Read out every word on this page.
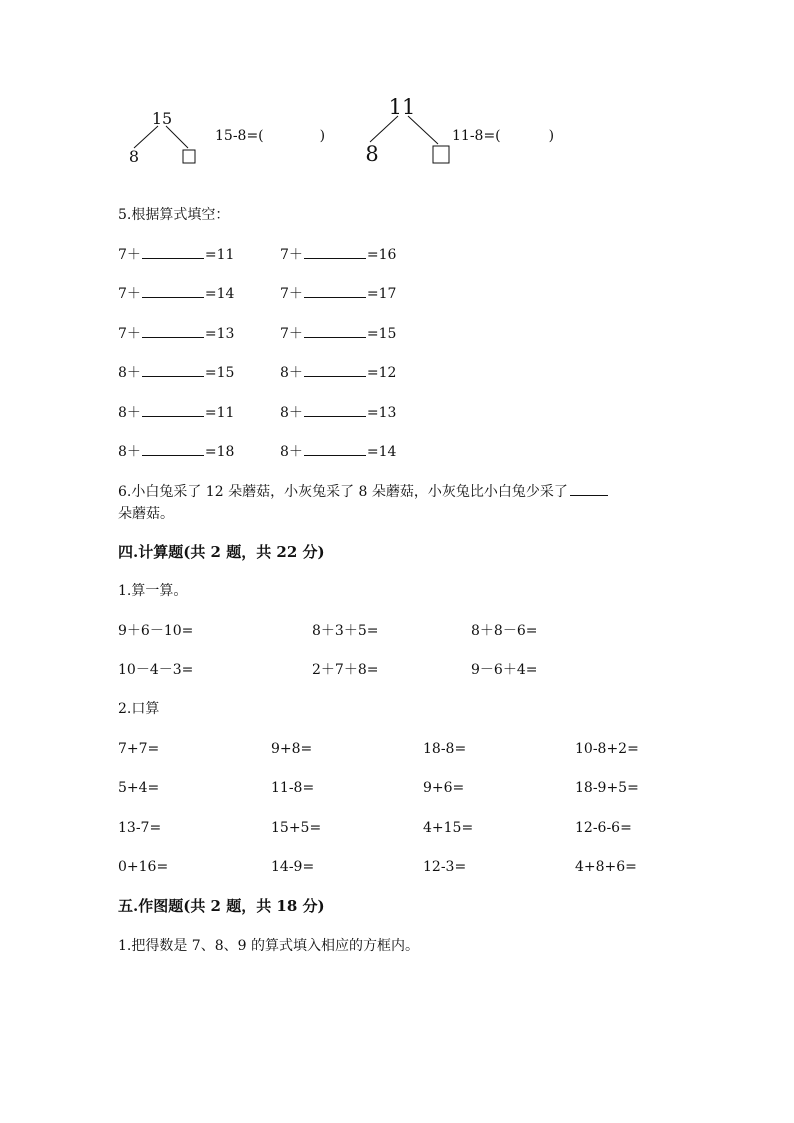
15
8
15-8=(	)
11
8
11-8=(	)
5.根据算式填空：
7＋	=11	7＋	=16
7＋	=14	7＋	=17
7＋	=13	7＋	=15
8＋	=15	8＋	=12
8＋	=11	8＋	=13
8＋	=18	8＋	=14
6.小白兔采了 12 朵蘑菇，小灰兔采了 8 朵蘑菇，小灰兔比小白兔少采了
朵蘑菇。
四.计算题(共 2 题，共 22 分)
1.算一算。
9＋6－10=	8＋3＋5=	8＋8－6=
10－4－3=	2＋7＋8=	9－6＋4=
2.口算
7+7=	9+8=	18-8=	10-8+2=
5+4=	11-8=	9+6=	18-9+5=
13-7=	15+5=	4+15=	12-6-6=
0+16=	14-9=	12-3=	4+8+6=
五.作图题(共 2 题，共 18 分)
1.把得数是 7、8、9 的算式填入相应的方框内。
